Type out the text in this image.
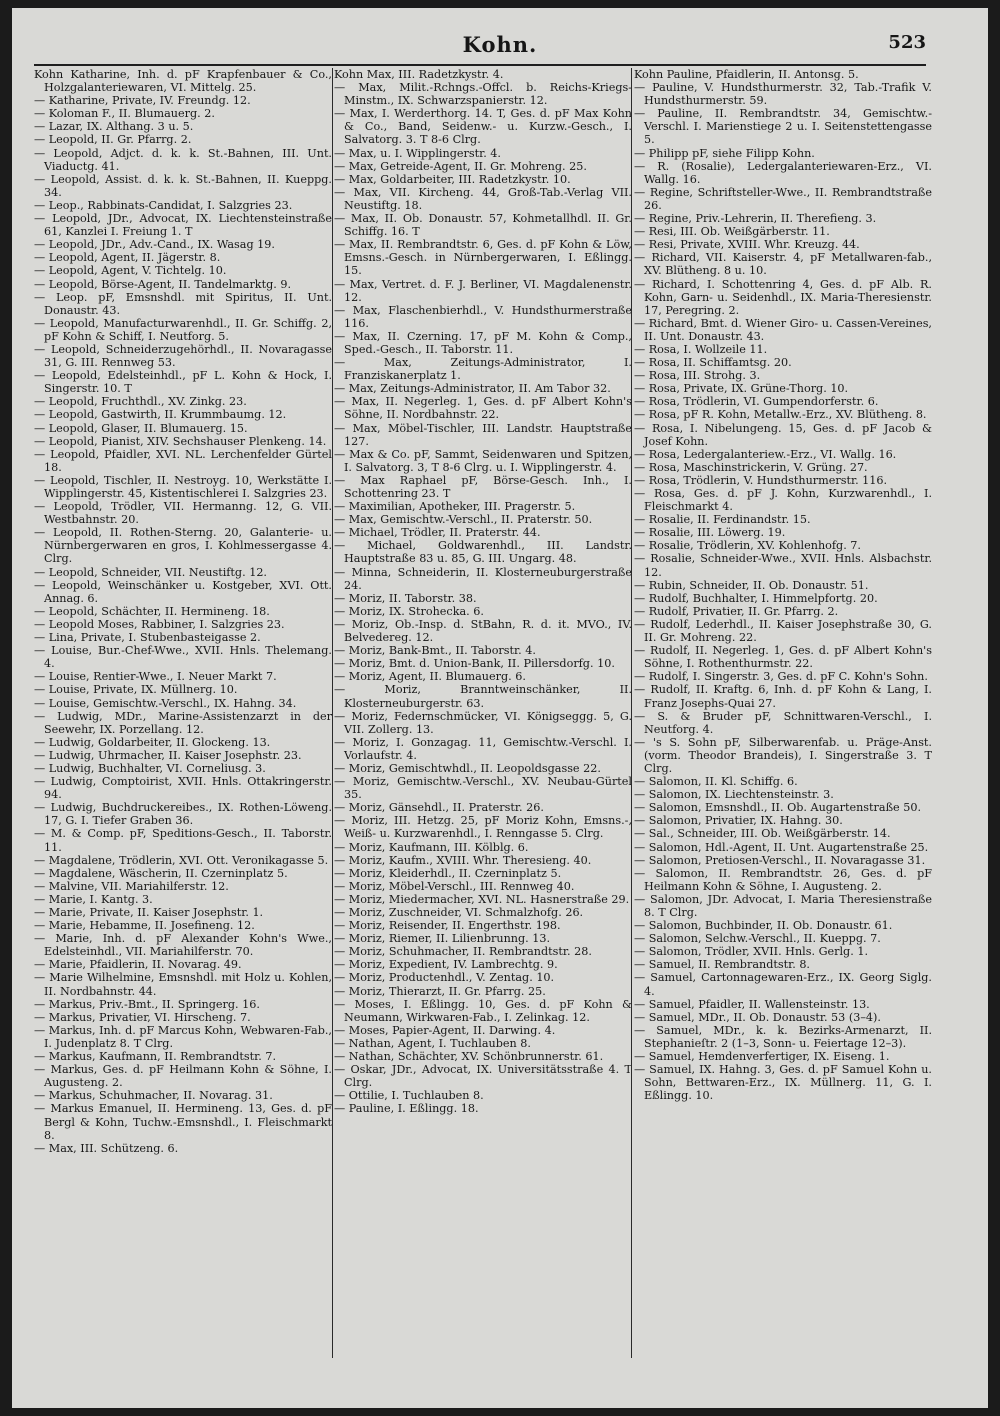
Kohn.	523

Kohn Katharine, Inh. d. pF Krapfenbauer & Co., Holzgalanteriewaren, VI. Mittelg. 25.

— Katharine, Private, IV. Freundg. 12.

— Koloman F., II. Blumauerg. 2.

— Lazar, IX. Althang. 3 u. 5.

— Leopold, II. Gr. Pfarrg. 2.

— Leopold, Adjct. d. k. k. St.-Bahnen, III. Unt. Viaductg. 41.

— Leopold, Assist. d. k. k. St.-Bahnen, II. Kueppg. 34.

— Leop., Rabbinats-Candidat, I. Salzgries 23.

— Leopold, JDr., Advocat, IX. Liechtensteinstraße 61, Kanzlei I. Freiung 1. T

— Leopold, JDr., Adv.-Cand., IX. Wasag 19.

— Leopold, Agent, II. Jägerstr. 8.

— Leopold, Agent, V. Tichtelg. 10.

— Leopold, Börse-Agent, II. Tandelmarktg. 9.

— Leop. pF, Emsnshdl. mit Spiritus, II. Unt. Donaustr. 43.

— Leopold, Manufacturwarenhdl., II. Gr. Schiffg. 2, pF Kohn & Schiff, I. Neutforg. 5.

— Leopold, Schneiderzugehörhdl., II. Novaragasse 31, G. III. Rennweg 53.

— Leopold, Edelsteinhdl., pF L. Kohn & Hock, I. Singerstr. 10. T

— Leopold, Fruchthdl., XV. Zinkg. 23.

— Leopold, Gastwirth, II. Krummbaumg. 12.

— Leopold, Glaser, II. Blumauerg. 15.

— Leopold, Pianist, XIV. Sechshauser Plenkeng. 14.

— Leopold, Pfaidler, XVI. NL. Lerchenfelder Gürtel 18.

— Leopold, Tischler, II. Nestroyg. 10, Werkstätte I. Wipplingerstr. 45, Kistentischlerei I. Salzgries 23.

— Leopold, Trödler, VII. Hermanng. 12, G. VII. Westbahnstr. 20.

— Leopold, II. Rothen-Sterng. 20, Galanterie- u. Nürnbergerwaren en gros, I. Kohlmessergasse 4. Clrg.

— Leopold, Schneider, VII. Neustiftg. 12.

— Leopold, Weinschänker u. Kostgeber, XVI. Ott. Annag. 6.

— Leopold, Schächter, II. Hermineng. 18.

— Leopold Moses, Rabbiner, I. Salzgries 23.

— Lina, Private, I. Stubenbasteigasse 2.

— Louise, Bur.-Chef-Wwe., XVII. Hnls. Thelemang. 4.

— Louise, Rentier-Wwe., I. Neuer Markt 7.

— Louise, Private, IX. Müllnerg. 10.

— Louise, Gemischtw.-Verschl., IX. Hahng. 34.

— Ludwig, MDr., Marine-Assistenzarzt in der Seewehr, IX. Porzellang. 12.

— Ludwig, Goldarbeiter, II. Glockeng. 13.

— Ludwig, Uhrmacher, II. Kaiser Josephstr. 23.

— Ludwig, Buchhalter, VI. Corneliusg. 3.

— Ludwig, Comptoirist, XVII. Hnls. Ottakringerstr. 94.

— Ludwig, Buchdruckereibes., IX. Rothen-Löweng. 17, G. I. Tiefer Graben 36.

— M. & Comp. pF, Speditions-Gesch., II. Taborstr. 11.

— Magdalene, Trödlerin, XVI. Ott. Veronikagasse 5.

— Magdalene, Wäscherin, II. Czerninplatz 5.

— Malvine, VII. Mariahilferstr. 12.

— Marie, I. Kantg. 3.

— Marie, Private, II. Kaiser Josephstr. 1.

— Marie, Hebamme, II. Josefineng. 12.

— Marie, Inh. d. pF Alexander Kohn's Wwe., Edelsteinhdl., VII. Mariahilferstr. 70.

— Marie, Pfaidlerin, II. Novarag. 49.

— Marie Wilhelmine, Emsnshdl. mit Holz u. Kohlen, II. Nordbahnstr. 44.

— Markus, Priv.-Bmt., II. Springerg. 16.

— Markus, Privatier, VI. Hirscheng. 7.

— Markus, Inh. d. pF Marcus Kohn, Webwaren-Fab., I. Judenplatz 8. T Clrg.

— Markus, Kaufmann, II. Rembrandtstr. 7.

— Markus, Ges. d. pF Heilmann Kohn & Söhne, I. Augusteng. 2.

— Markus, Schuhmacher, II. Novarag. 31.

— Markus Emanuel, II. Hermineng. 13, Ges. d. pF Bergl & Kohn, Tuchw.-Emsnshdl., I. Fleischmarkt 8.

— Max, III. Schützeng. 6.

Kohn Max, III. Radetzkystr. 4.

— Max, Milit.-Rchngs.-Offcl. b. Reichs-Kriegs-Minstm., IX. Schwarzspanierstr. 12.

— Max, I. Werderthorg. 14. T, Ges. d. pF Max Kohn & Co., Band, Seidenw.- u. Kurzw.-Gesch., I. Salvatorg. 3. T 8-6 Clrg.

— Max, u. I. Wipplingerstr. 4.

— Max, Getreide-Agent, II. Gr. Mohreng. 25.

— Max, Goldarbeiter, III. Radetzkystr. 10.

— Max, VII. Kircheng. 44, Groß-Tab.-Verlag VII. Neustiftg. 18.

— Max, II. Ob. Donaustr. 57, Kohmetallhdl. II. Gr. Schiffg. 16. T

— Max, II. Rembrandtstr. 6, Ges. d. pF Kohn & Löw, Emsns.-Gesch. in Nürnbergerwaren, I. Eßlingg. 15.

— Max, Vertret. d. F. J. Berliner, VI. Magdalenenstr. 12.

— Max, Flaschenbierhdl., V. Hundsthurmerstraße 116.

— Max, II. Czerning. 17, pF M. Kohn & Comp., Sped.-Gesch., II. Taborstr. 11.

— Max, Zeitungs-Administrator, I. Franziskanerplatz 1.

— Max, Zeitungs-Administrator, II. Am Tabor 32.

— Max, II. Negerleg. 1, Ges. d. pF Albert Kohn's Söhne, II. Nordbahnstr. 22.

— Max, Möbel-Tischler, III. Landstr. Hauptstraße 127.

— Max & Co. pF, Sammt, Seidenwaren und Spitzen, I. Salvatorg. 3, T 8-6 Clrg. u. I. Wipplingerstr. 4.

— Max Raphael pF, Börse-Gesch. Inh., I. Schottenring 23. T

— Maximilian, Apotheker, III. Pragerstr. 5.

— Max, Gemischtw.-Verschl., II. Praterstr. 50.

— Michael, Trödler, II. Praterstr. 44.

— Michael, Goldwarenhdl., III. Landstr. Hauptstraße 83 u. 85, G. III. Ungarg. 48.

— Minna, Schneiderin, II. Klosterneuburgerstraße 24.

— Moriz, II. Taborstr. 38.

— Moriz, IX. Strohecka. 6.

— Moriz, Ob.-Insp. d. StBahn, R. d. it. MVO., IV. Belvedereg. 12.

— Moriz, Bank-Bmt., II. Taborstr. 4.

— Moriz, Bmt. d. Union-Bank, II. Pillersdorfg. 10.

— Moriz, Agent, II. Blumauerg. 6.

— Moriz, Branntweinschänker, II. Klosterneuburgerstr. 63.

— Moriz, Federnschmücker, VI. Königseggg. 5, G. VII. Zollerg. 13.

— Moriz, I. Gonzagag. 11, Gemischtw.-Verschl. I. Vorlaufstr. 4.

— Moriz, Gemischtwhdl., II. Leopoldsgasse 22.

— Moriz, Gemischtw.-Verschl., XV. Neubau-Gürtel 35.

— Moriz, Gänsehdl., II. Praterstr. 26.

— Moriz, III. Hetzg. 25, pF Moriz Kohn, Emsns.-, Weiß- u. Kurzwarenhdl., I. Renngasse 5. Clrg.

— Moriz, Kaufmann, III. Kölblg. 6.

— Moriz, Kaufm., XVIII. Whr. Theresieng. 40.

— Moriz, Kleiderhdl., II. Czerninplatz 5.

— Moriz, Möbel-Verschl., III. Rennweg 40.

— Moriz, Miedermacher, XVI. NL. Hasnerstraße 29.

— Moriz, Zuschneider, VI. Schmalzhofg. 26.

— Moriz, Reisender, II. Engerthstr. 198.

— Moriz, Riemer, II. Lilienbrunng. 13.

— Moriz, Schuhmacher, II. Rembrandtstr. 28.

— Moriz, Expedient, IV. Lambrechtg. 9.

— Moriz, Productenhdl., V. Zentag. 10.

— Moriz, Thierarzt, II. Gr. Pfarrg. 25.

— Moses, I. Eßlingg. 10, Ges. d. pF Kohn & Neumann, Wirkwaren-Fab., I. Zelinkag. 12.

— Moses, Papier-Agent, II. Darwing. 4.

— Nathan, Agent, I. Tuchlauben 8.

— Nathan, Schächter, XV. Schönbrunnerstr. 61.

— Oskar, JDr., Advocat, IX. Universitätsstraße 4. T Clrg.

— Ottilie, I. Tuchlauben 8.

— Pauline, I. Eßlingg. 18.

Kohn Pauline, Pfaidlerin, II. Antonsg. 5.

— Pauline, V. Hundsthurmerstr. 32, Tab.-Trafik V. Hundsthurmerstr. 59.

— Pauline, II. Rembrandtstr. 34, Gemischtw.-Verschl. I. Marienstiege 2 u. I. Seitenstettengasse 5.

— Philipp pF, siehe Filipp Kohn.

— R. (Rosalie), Ledergalanteriewaren-Erz., VI. Wallg. 16.

— Regine, Schriftsteller-Wwe., II. Rembrandtstraße 26.

— Regine, Priv.-Lehrerin, II. Therefieng. 3.

— Resi, III. Ob. Weißgärberstr. 11.

— Resi, Private, XVIII. Whr. Kreuzg. 44.

— Richard, VII. Kaiserstr. 4, pF Metallwaren-fab., XV. Blütheng. 8 u. 10.

— Richard, I. Schottenring 4, Ges. d. pF Alb. R. Kohn, Garn- u. Seidenhdl., IX. Maria-Theresienstr. 17, Peregring. 2.

— Richard, Bmt. d. Wiener Giro- u. Cassen-Vereines, II. Unt. Donaustr. 43.

— Rosa, I. Wollzeile 11.

— Rosa, II. Schiffamtsg. 20.

— Rosa, III. Strohg. 3.

— Rosa, Private, IX. Grüne-Thorg. 10.

— Rosa, Trödlerin, VI. Gumpendorferstr. 6.

— Rosa, pF R. Kohn, Metallw.-Erz., XV. Blütheng. 8.

— Rosa, I. Nibelungeng. 15, Ges. d. pF Jacob & Josef Kohn.

— Rosa, Ledergalanteriew.-Erz., VI. Wallg. 16.

— Rosa, Maschinstrickerin, V. Grüng. 27.

— Rosa, Trödlerin, V. Hundsthurmerstr. 116.

— Rosa, Ges. d. pF J. Kohn, Kurzwarenhdl., I. Fleischmarkt 4.

— Rosalie, II. Ferdinandstr. 15.

— Rosalie, III. Löwerg. 19.

— Rosalie, Trödlerin, XV. Kohlenhofg. 7.

— Rosalie, Schneider-Wwe., XVII. Hnls. Alsbachstr. 12.

— Rubin, Schneider, II. Ob. Donaustr. 51.

— Rudolf, Buchhalter, I. Himmelpfortg. 20.

— Rudolf, Privatier, II. Gr. Pfarrg. 2.

— Rudolf, Lederhdl., II. Kaiser Josephstraße 30, G. II. Gr. Mohreng. 22.

— Rudolf, II. Negerleg. 1, Ges. d. pF Albert Kohn's Söhne, I. Rothenthurmstr. 22.

— Rudolf, I. Singerstr. 3, Ges. d. pF C. Kohn's Sohn.

— Rudolf, II. Kraftg. 6, Inh. d. pF Kohn & Lang, I. Franz Josephs-Quai 27.

— S. & Bruder pF, Schnittwaren-Verschl., I. Neutforg. 4.

— 's S. Sohn pF, Silberwarenfab. u. Präge-Anst. (vorm. Theodor Brandeis), I. Singerstraße 3. T Clrg.

— Salomon, II. Kl. Schiffg. 6.

— Salomon, IX. Liechtensteinstr. 3.

— Salomon, Emsnshdl., II. Ob. Augartenstraße 50.

— Salomon, Privatier, IX. Hahng. 30.

— Sal., Schneider, III. Ob. Weißgärberstr. 14.

— Salomon, Hdl.-Agent, II. Unt. Augartenstraße 25.

— Salomon, Pretiosen-Verschl., II. Novaragasse 31.

— Salomon, II. Rembrandtstr. 26, Ges. d. pF Heilmann Kohn & Söhne, I. Augusteng. 2.

— Salomon, JDr. Advocat, I. Maria Theresienstraße 8. T Clrg.

— Salomon, Buchbinder, II. Ob. Donaustr. 61.

— Salomon, Selchw.-Verschl., II. Kueppg. 7.

— Salomon, Trödler, XVII. Hnls. Gerlg. 1.

— Samuel, II. Rembrandtstr. 8.

— Samuel, Cartonnagewaren-Erz., IX. Georg Siglg. 4.

— Samuel, Pfaidler, II. Wallensteinstr. 13.

— Samuel, MDr., II. Ob. Donaustr. 53 (3–4).

— Samuel, MDr., k. k. Bezirks-Armenarzt, II. Stephanieſtr. 2 (1–3, Sonn- u. Feiertage 12–3).

— Samuel, Hemdenverfertiger, IX. Eiseng. 1.

— Samuel, IX. Hahng. 3, Ges. d. pF Samuel Kohn u. Sohn, Bettwaren-Erz., IX. Müllnerg. 11, G. I. Eßlingg. 10.
